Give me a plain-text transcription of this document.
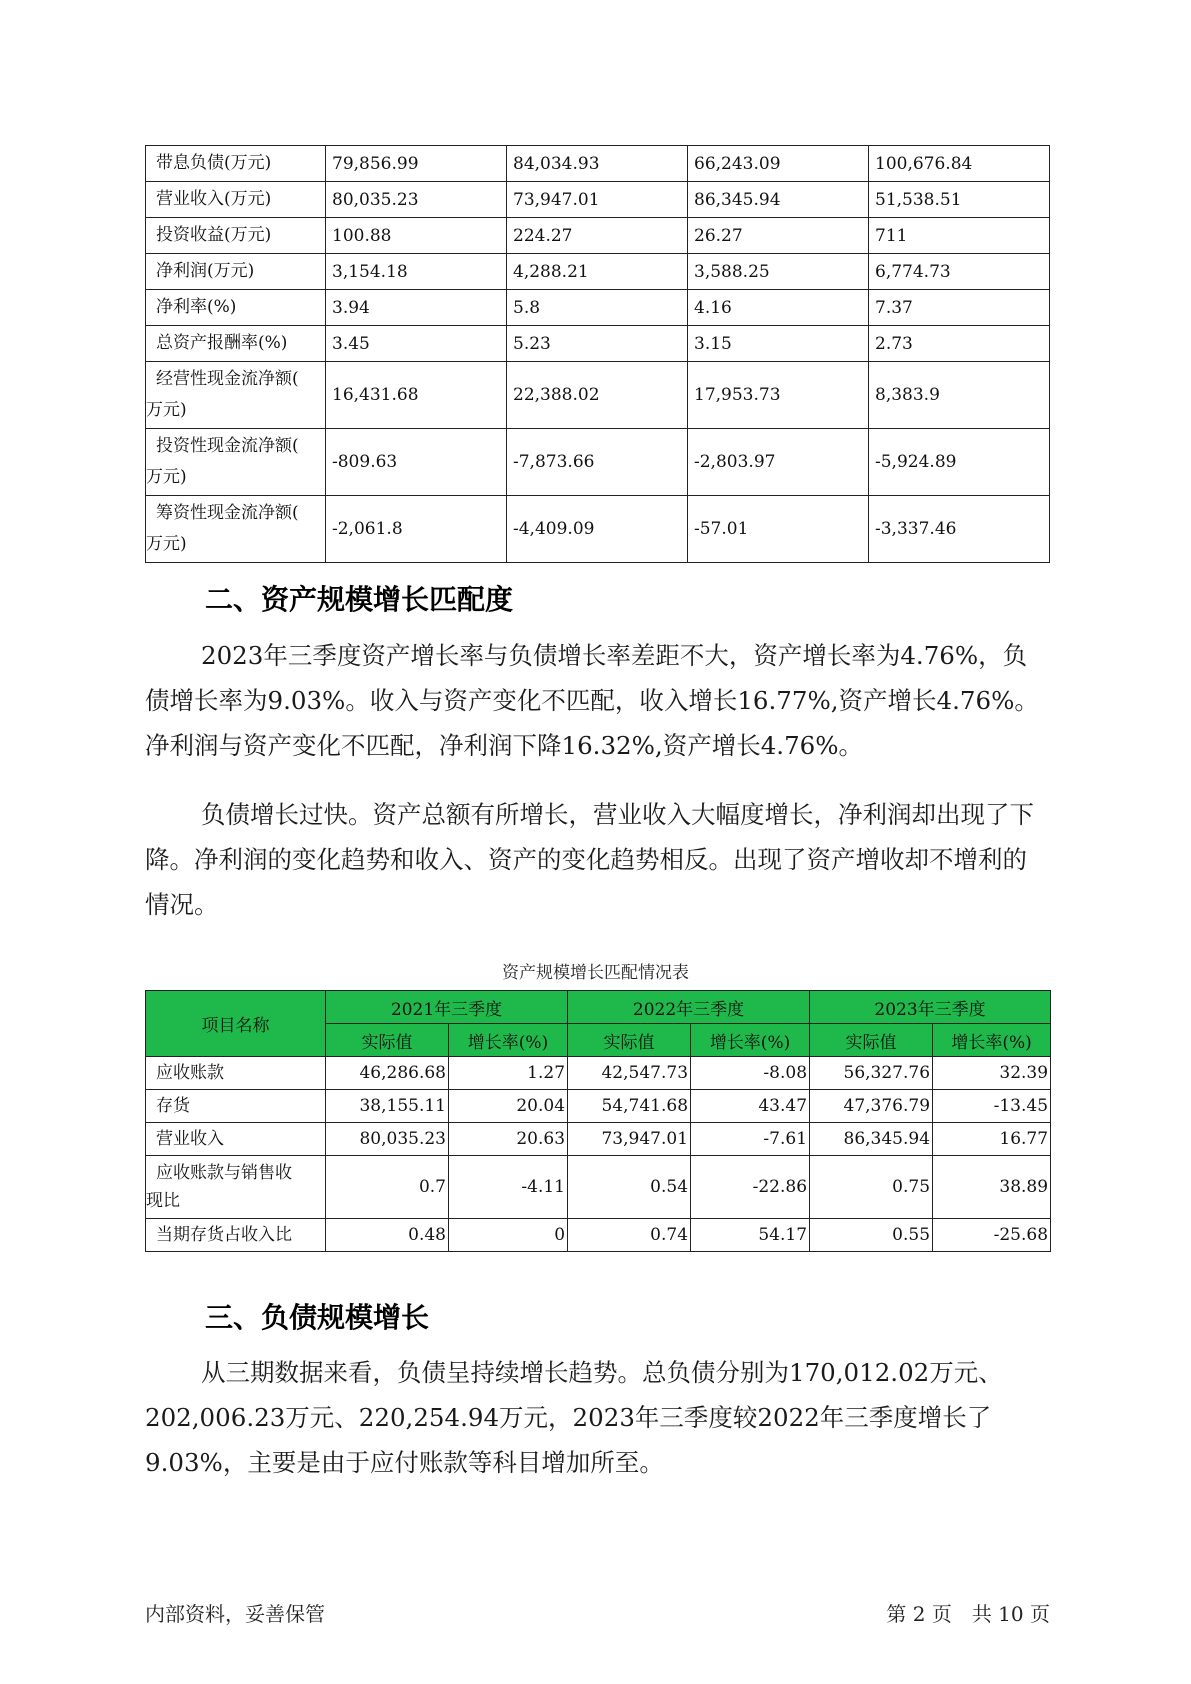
带息负债(万元)	79,856.99	84,034.93	66,243.09	100,676.84
营业收入(万元)	80,035.23	73,947.01	86,345.94	51,538.51
投资收益(万元)	100.88	224.27	26.27	711
净利润(万元)	3,154.18	4,288.21	3,588.25	6,774.73
净利率(%)	3.94	5.8	4.16	7.37
总资产报酬率(%)	3.45	5.23	3.15	2.73

经营性现金流净额(
万元)	16,431.68	22,388.02	17,953.73	8,383.9

投资性现金流净额(
万元)	-809.63	-7,873.66	-2,803.97	-5,924.89

筹资性现金流净额(
万元)	-2,061.8	-4,409.09	-57.01	-3,337.46
二、资产规模增长匹配度

2023年三季度资产增长率与负债增长率差距不大，资产增长率为4.76%，负债增长率为9.03%。收入与资产变化不匹配，收入增长16.77%,资产增长4.76%。净利润与资产变化不匹配，净利润下降16.32%,资产增长4.76%。

负债增长过快。资产总额有所增长，营业收入大幅度增长，净利润却出现了下降。净利润的变化趋势和收入、资产的变化趋势相反。出现了资产增收却不增利的情况。

资产规模增长匹配情况表
项目名称	2021年三季度		2022年三季度		2023年三季度	
	实际值	增长率(%)	实际值	增长率(%)	实际值	增长率(%)
应收账款	46,286.68	1.27	42,547.73	-8.08	56,327.76	32.39
存货	38,155.11	20.04	54,741.68	43.47	47,376.79	-13.45
营业收入	80,035.23	20.63	73,947.01	-7.61	86,345.94	16.77

应收账款与销售收
现比	0.7	-4.11	0.54	-22.86	0.75	38.89
当期存货占收入比	0.48	0	0.74	54.17	0.55	-25.68
三、负债规模增长

从三期数据来看，负债呈持续增长趋势。总负债分别为170,012.02万元、202,006.23万元、220,254.94万元，2023年三季度较2022年三季度增长了9.03%，主要是由于应付账款等科目增加所至。

内部资料，妥善保管	第 2 页　共 10 页
